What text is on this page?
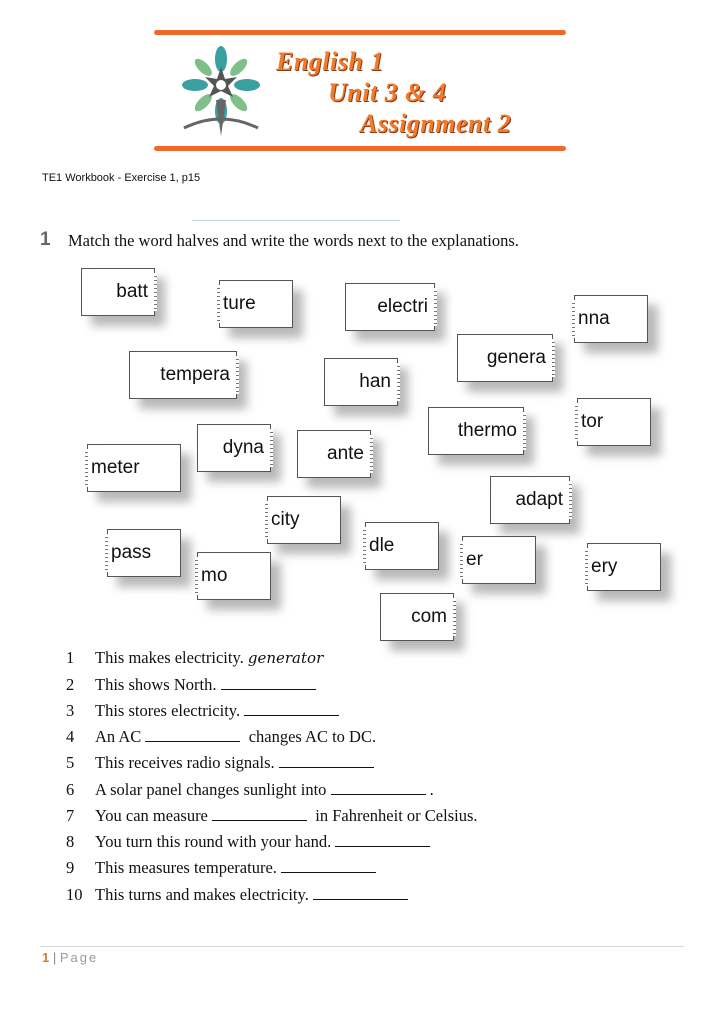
English 1
Unit 3 & 4
Assignment 2
TE1 Workbook - Exercise 1, p15
1 Match the word halves and write the words next to the explanations.
batt
ture	electri
nna
genera
tempera	han
tor
thermo
meter
dyna	ante
adapt
city
pass	dle
er	ery
mo
com
1 This makes electricity. generator
2 This shows North.
3 This stores electricity.
4 An AC	changes AC to DC.
5 This receives radio signals.
6 A solar panel changes sunlight into	.
7 You can measure	in Fahrenheit or Celsius.
8 You turn this round with your hand.
9 This measures temperature.
10 This turns and makes electricity.
1 | Page
